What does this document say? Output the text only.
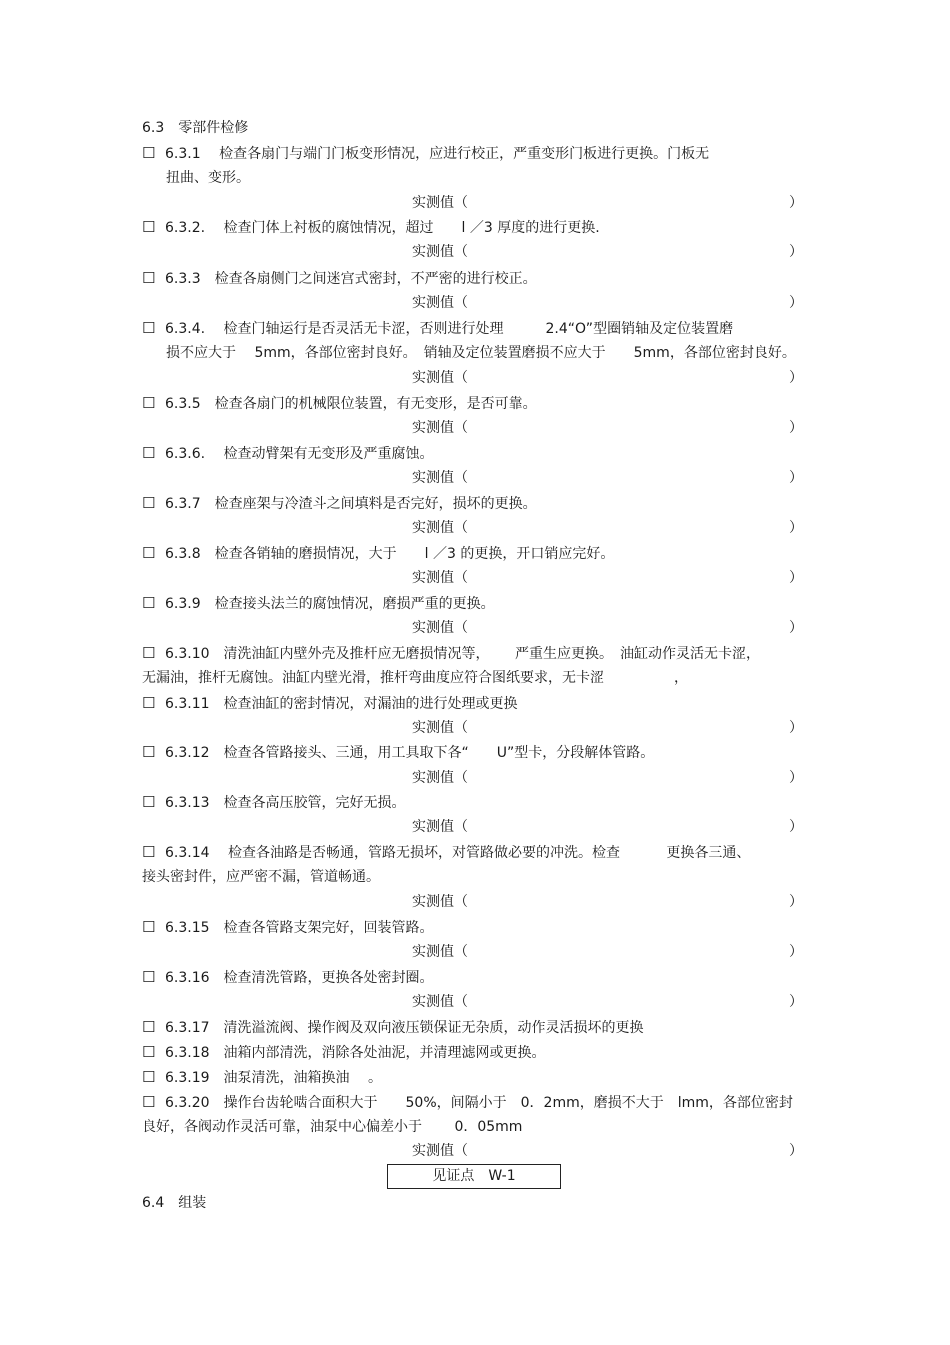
6.3　零部件检修
☐ 6.3.1　 检查各扇门与端门门板变形情况，应进行校正，严重变形门板进行更换。门板无
扭曲、变形。
实测值（	）
☐ 6.3.2.　 检查门体上衬板的腐蚀情况，超过　　l ／3 厚度的进行更换.
实测值（	）
☐ 6.3.3　检查各扇侧门之间迷宫式密封，不严密的进行校正。
实测值（	）
☐ 6.3.4.　 检查门轴运行是否灵活无卡涩，否则进行处理　　　2.4“O”型圈销轴及定位装置磨
损不应大于　 5mm，各部位密封良好。　销轴及定位装置磨损不应大于　　5mm，各部位密封良好。
实测值（	）
☐ 6.3.5　检查各扇门的机械限位装置，有无变形，是否可靠。
实测值（	）
☐ 6.3.6.　 检查动臂架有无变形及严重腐蚀。
实测值（	）
☐ 6.3.7　检查座架与冷渣斗之间填料是否完好，损坏的更换。
实测值（	）
☐ 6.3.8　检查各销轴的磨损情况，大于　　l ／3 的更换，开口销应完好。
实测值（	）
☐ 6.3.9　检查接头法兰的腐蚀情况，磨损严重的更换。
实测值（	）
☐ 6.3.10　清洗油缸内壁外壳及推杆应无磨损情况等，　　 严重生应更换。　油缸动作灵活无卡涩，
无漏油，推杆无腐蚀。油缸内壁光滑，推杆弯曲度应符合图纸要求，无卡涩　　　　　，
☐ 6.3.11　检查油缸的密封情况，对漏油的进行处理或更换
实测值（	）
☐ 6.3.12　检查各管路接头、三通，用工具取下各“　　U”型卡，分段解体管路。
实测值（	）
☐ 6.3.13　检查各高压胶管，完好无损。
实测值（	）
☐ 6.3.14　 检查各油路是否畅通，管路无损坏，对管路做必要的冲洗。检查　　　 更换各三通、
接头密封件，应严密不漏，管道畅通。
实测值（	）
☐ 6.3.15　检查各管路支架完好，回装管路。
实测值（	）
☐ 6.3.16　检查清洗管路，更换各处密封圈。
实测值（	）
☐ 6.3.17　清洗溢流阀、操作阀及双向液压锁保证无杂质，动作灵活损坏的更换
☐ 6.3.18　油箱内部清洗，消除各处油泥，并清理滤网或更换。
☐ 6.3.19　油泵清洗，油箱换油　 。
☐ 6.3.20　操作台齿轮啮合面积大于　　50%，间隔小于　0．2mm，磨损不大于　lmm，各部位密封
良好，各阀动作灵活可靠，油泵中心偏差小于　　 0．05mm
实测值（	）
见证点　W-1
6.4　组装
